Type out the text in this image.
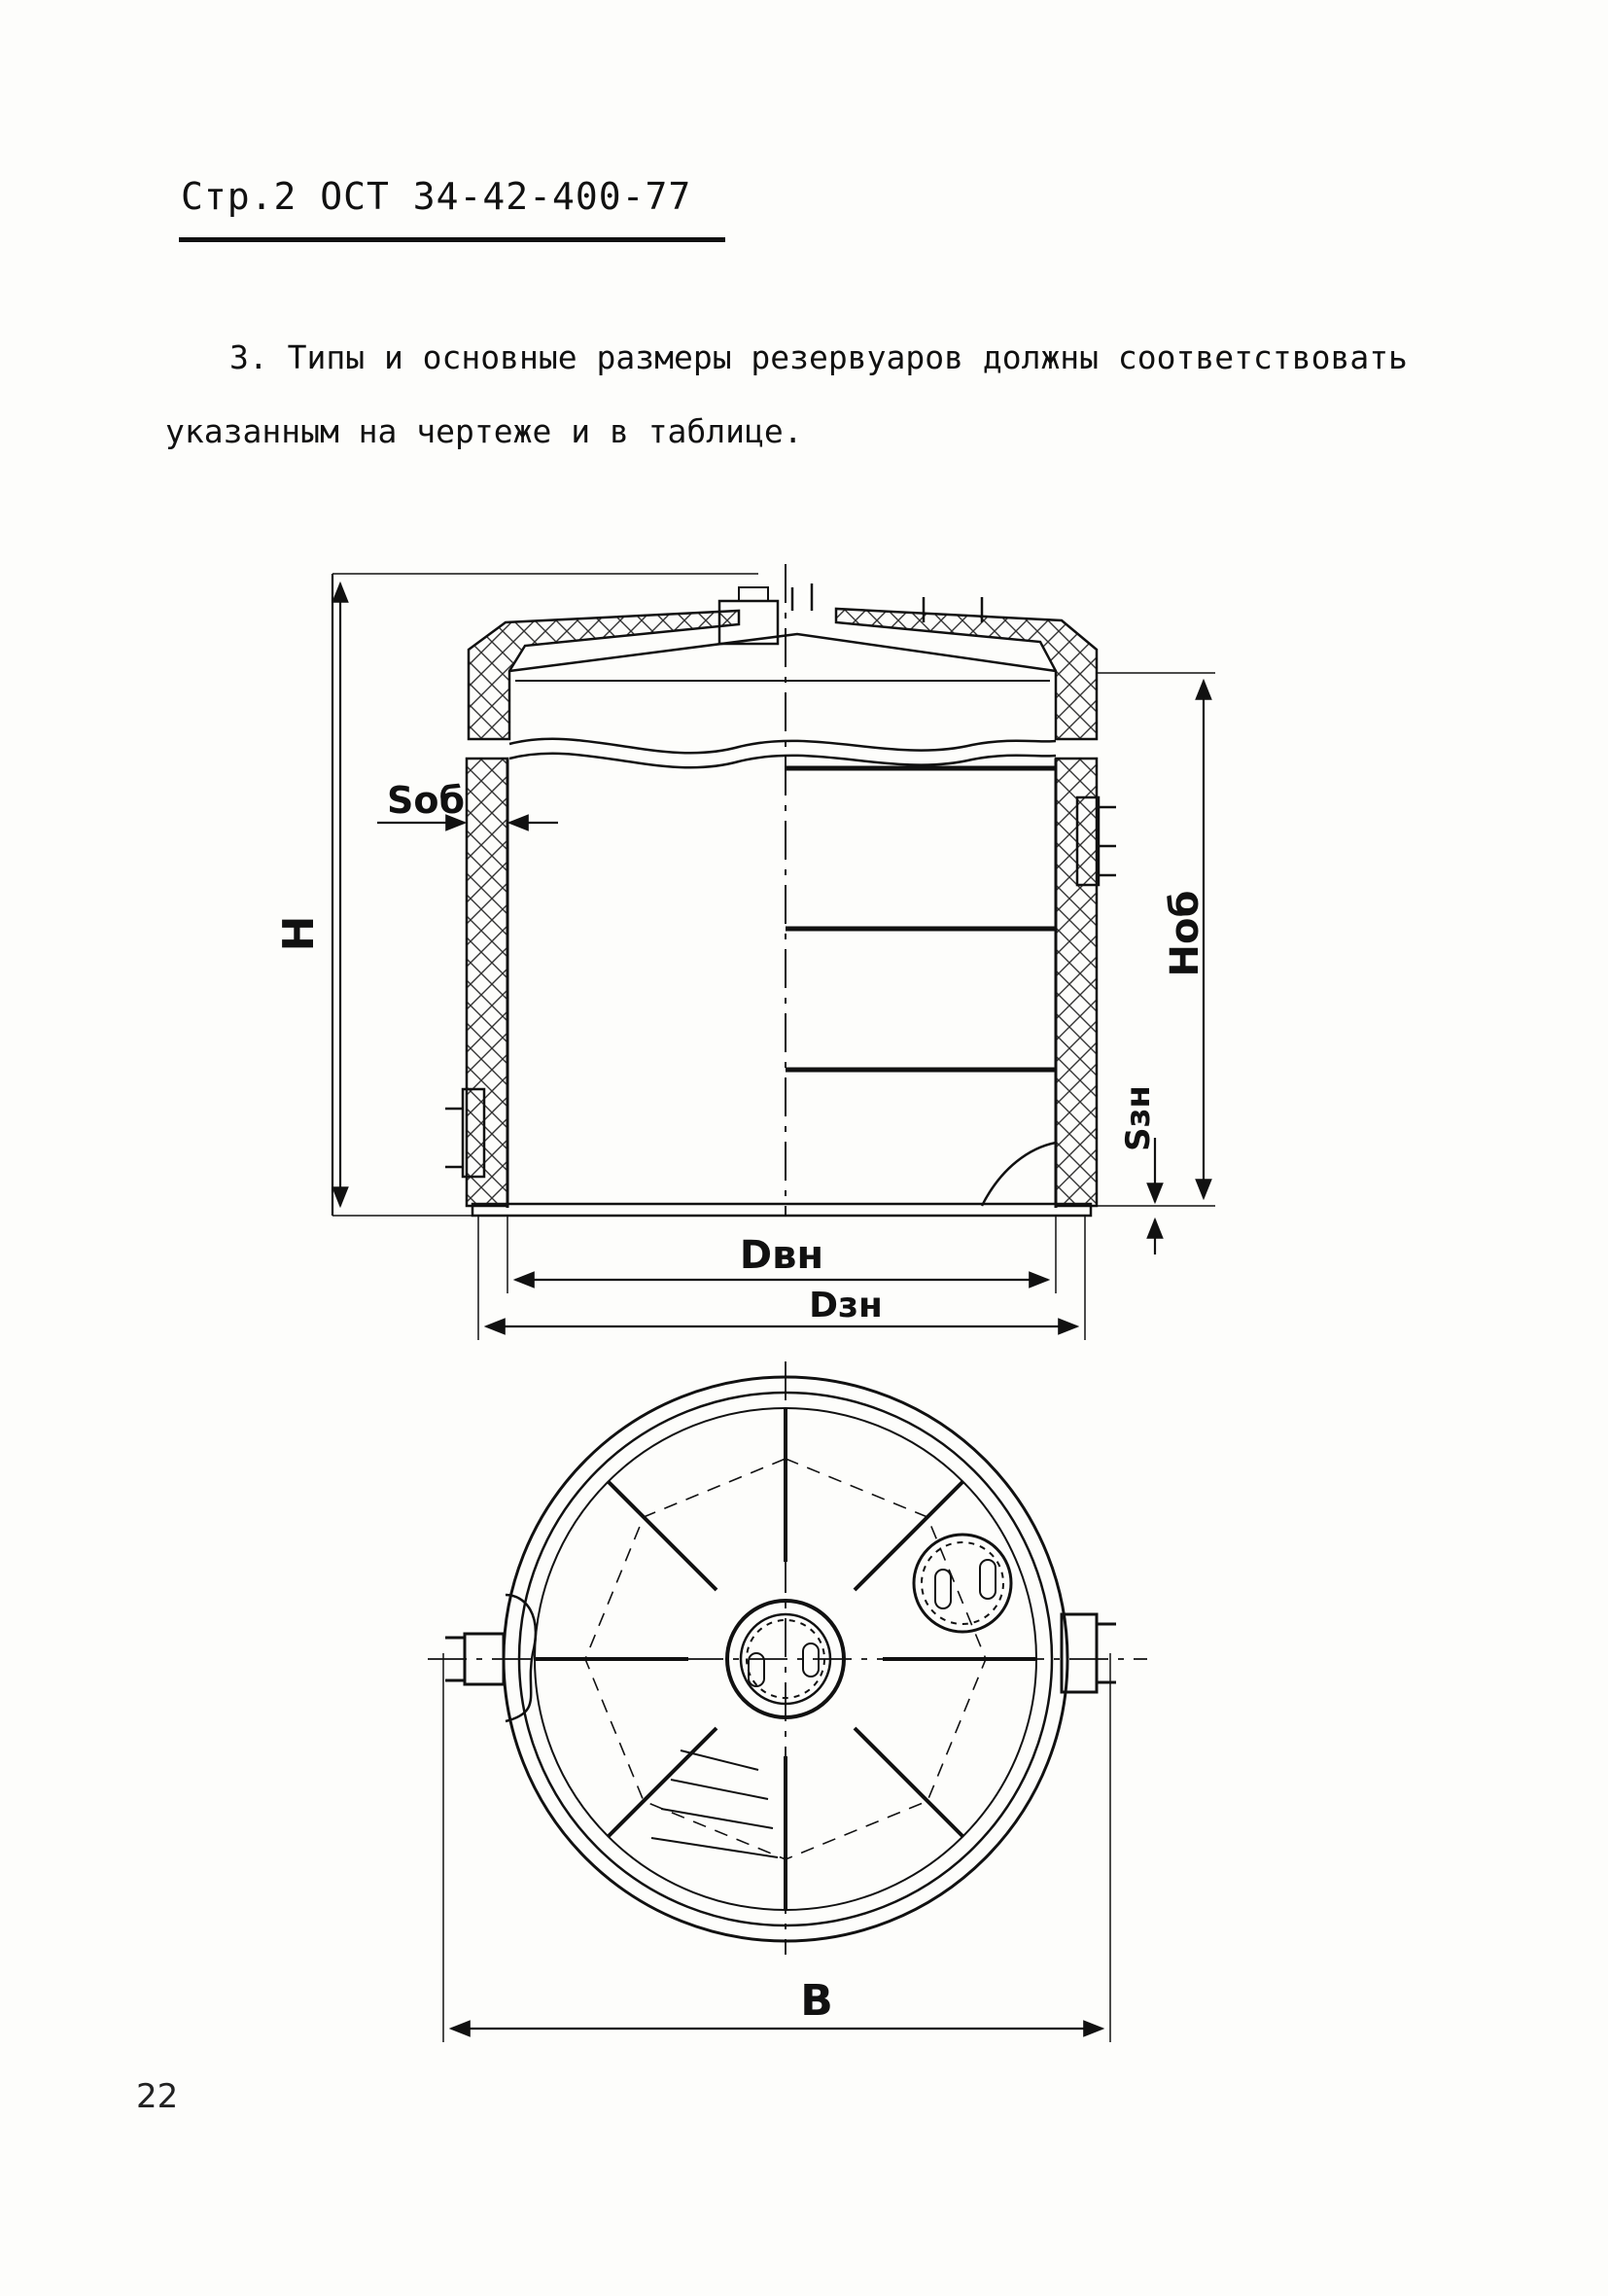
Стр.2 ОСТ 34-42-400-77
3. Типы и основные размеры резервуаров должны соответствовать
указанным на чертеже и в таблице.
H	Hоб
Sоб
Sзн
Dвн
Dзн
B
22
